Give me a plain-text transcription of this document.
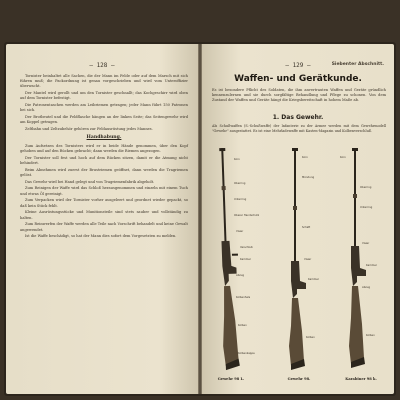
— 128 —

Tornister beinhaltet alle Sachen, die der Mann im Felde oder auf dem Marsch mit sich führen muß; die Packordnung ist genau vorgeschrieben und wird vom Unteroffizier überwacht.

Der Mantel wird gerollt und um den Tornister geschnallt; das Kochgeschirr wird oben auf dem Tornister befestigt.

Die Patronentaschen werden am Leibriemen getragen; jeder Mann führt 150 Patronen bei sich.

Der Brotbeutel und die Feldflasche hängen an der linken Seite; das Seitengewehr wird am Koppel getragen.

Zeltbahn und Zeltzubehör gehören zur Feldausrüstung jedes Mannes.

Handhabung.

Zum Aufsetzen des Tornisters wird er in beide Hände genommen, über den Kopf gehoben und auf den Rücken gebracht; dann werden die Riemen angezogen.

Der Tornister soll fest und hoch auf dem Rücken sitzen, damit er die Atmung nicht behindert.

Beim Abnehmen wird zuerst der Brustriemen geöffnet, dann werden die Tragriemen gelöst.

Das Gewehr wird bei Hand gelegt und von Tragriemenfabrik abgeholt.

Zum Reinigen der Waffe wird das Schloß herausgenommen und einzeln mit einem Tuch und etwas Öl gereinigt.

Zum Verpacken wird der Tornister vorher ausgeleert und geordnet wieder gepackt, so daß kein Stück fehlt.

Kleine Ausrüstungsstücke und Munitionsteile sind stets sauber und vollständig zu halten.

Zum Reinwerfen der Waffe werden alle Teile nach Vorschrift behandelt und keine Gewalt angewendet.

Ist die Waffe beschädigt, so hat der Mann dies sofort dem Vorgesetzten zu melden.

— 129 —	Siebenter Abschnitt.
Waffen- und Gerätkunde.
Es ist besondere Pflicht des Soldaten, die ihm anvertrauten Waffen und Geräte gründlich kennenzulernen und sie durch sorgfältige Behandlung und Pflege zu schonen. Von dem Zustand der Waffen und Geräte hängt die Kriegsbereitschaft in hohem Maße ab.
1. Das Gewehr.
Als Schußwaffen (S.-Schußwaffe) der Infanterie zu der Armee werden mit dem Gewehrmodell "Gewehr" ausgestattet. Es ist eine Mehrladewaffe mit Kasten-Magazin und Kolbenverschluß.
Korn
Oberring
Unterring
Oberer Handschutz
Visier
Verschluß
Kammer
Abzug
Kolbenhals
Kolben
Kolbenkappe
Gewehr 98 L.
Korn
Mündung
Schaft
Visier
Kammer
Kolben
Gewehr 98.
Korn
Oberring
Unterring
Visier
Kammer
Abzug
Kolben
Karabiner 98 k.
